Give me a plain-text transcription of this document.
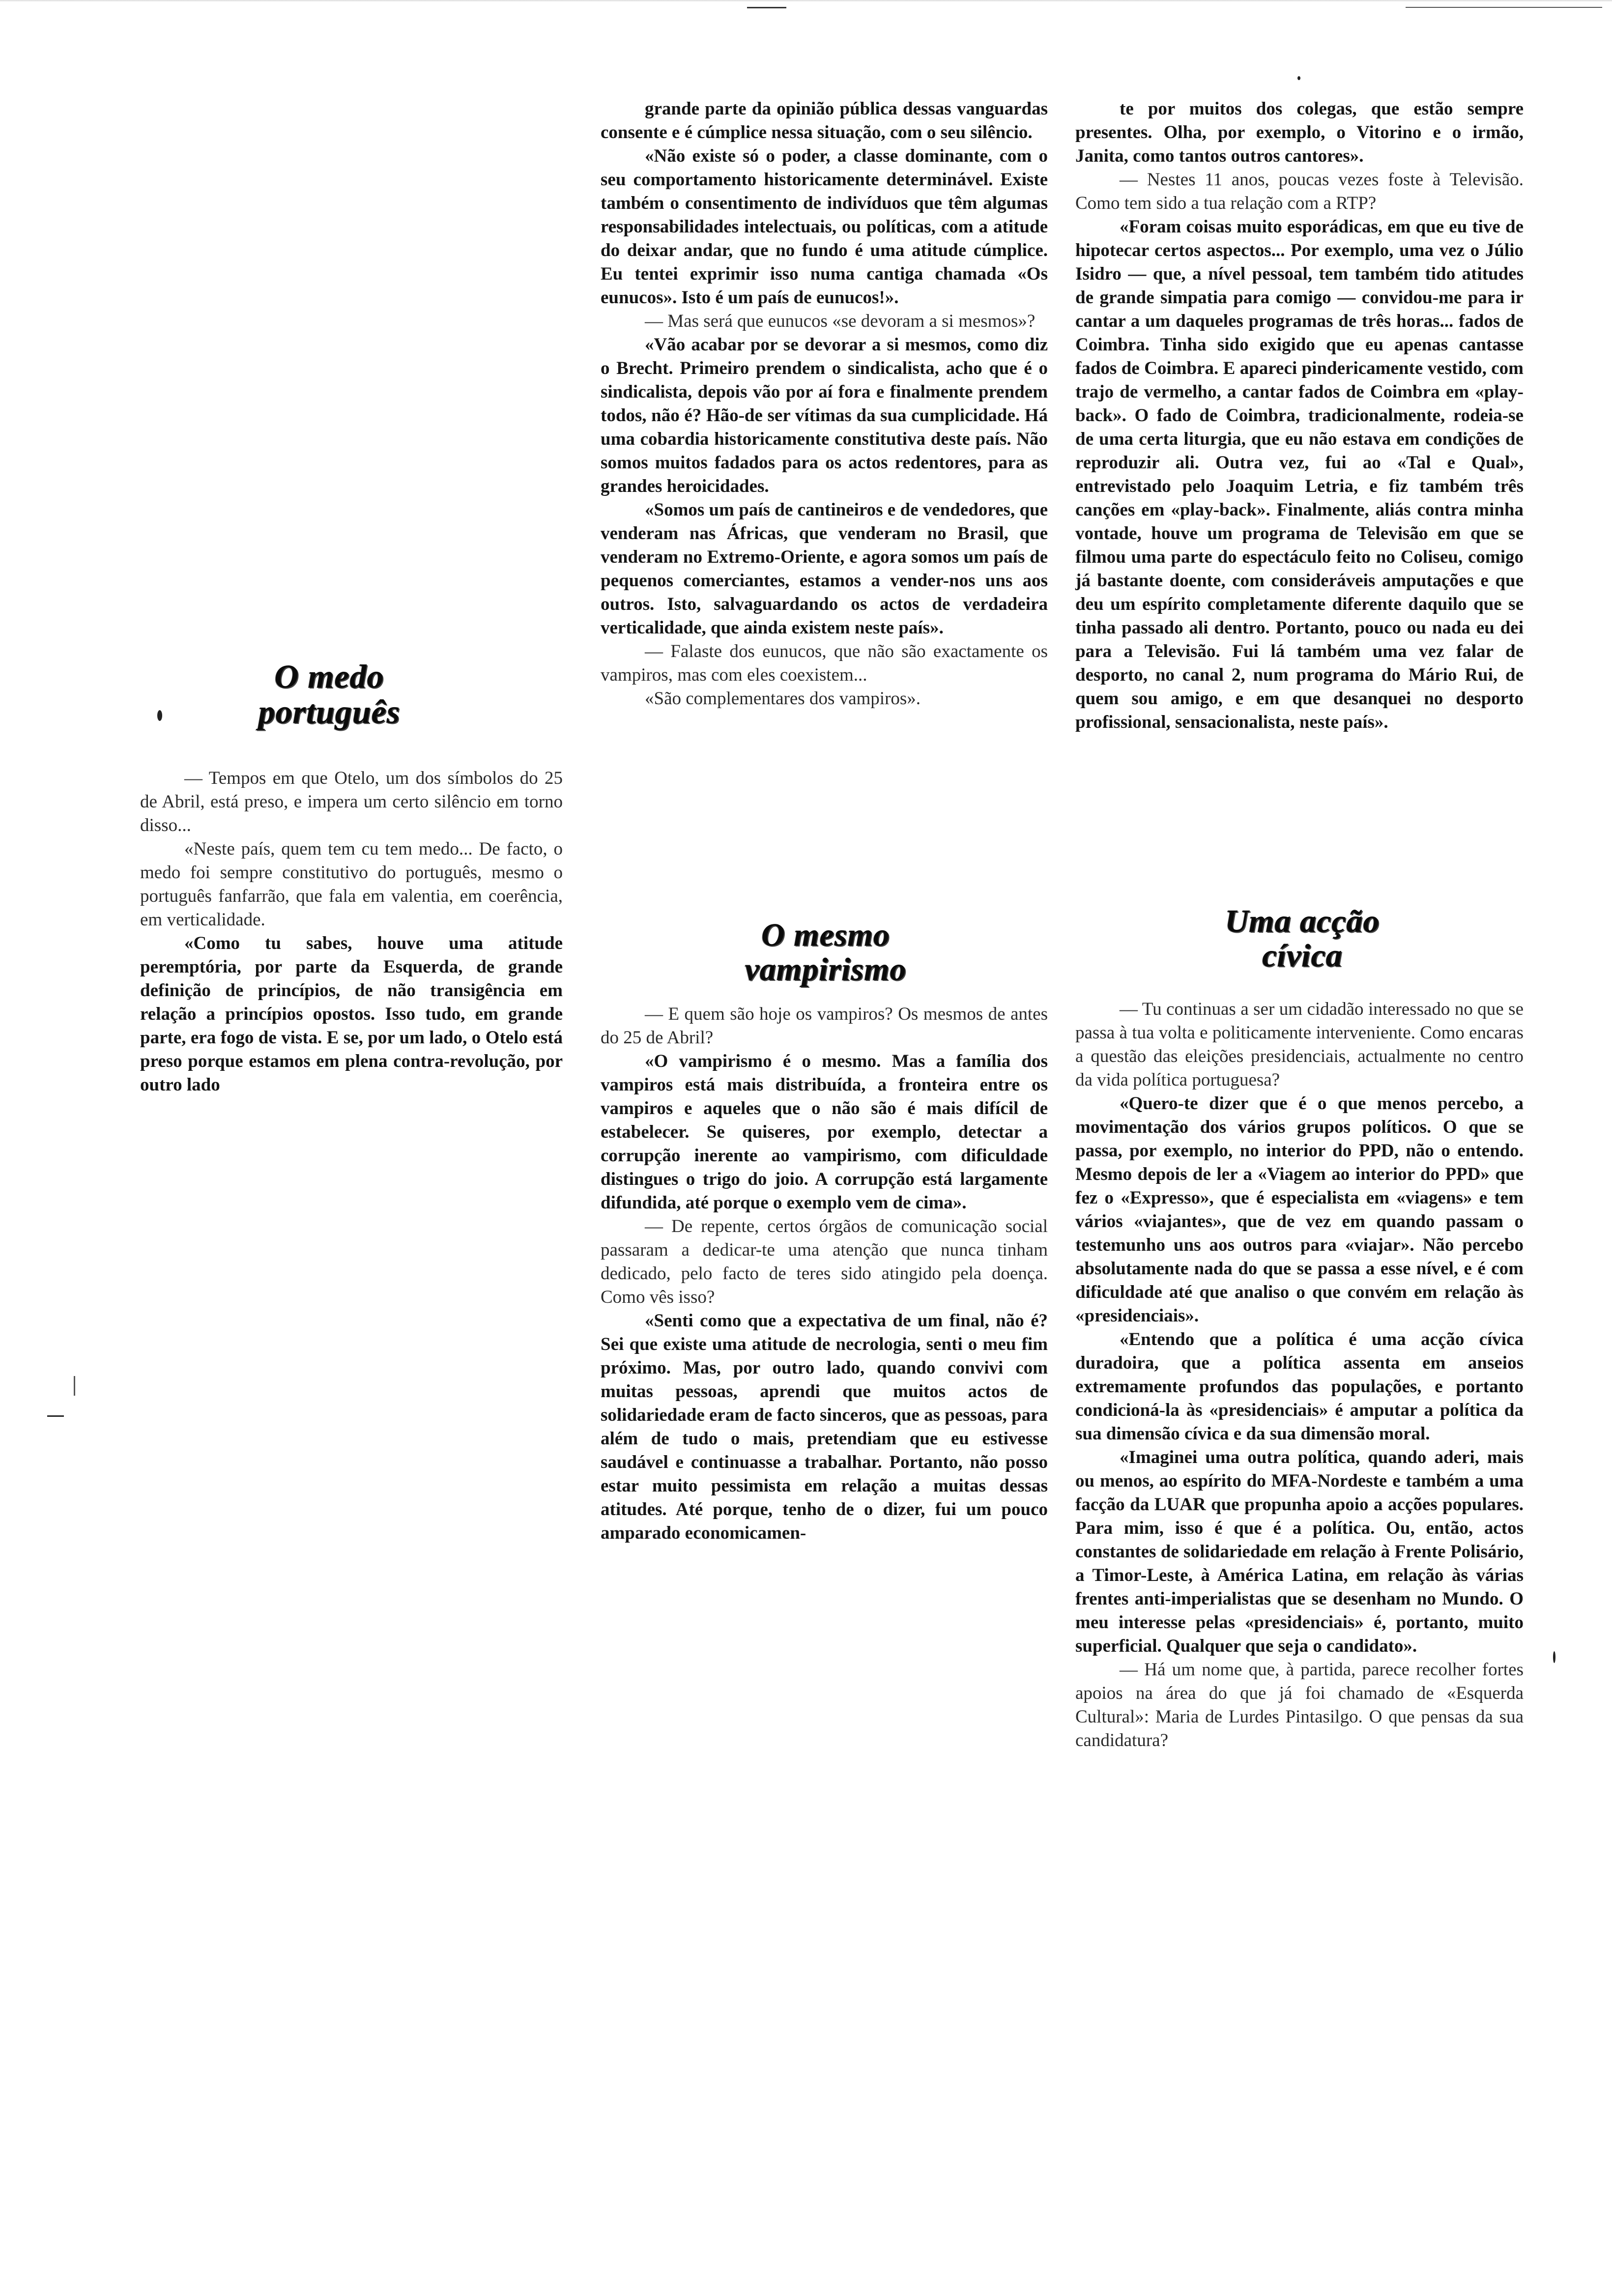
O medo português

— Tempos em que Otelo, um dos símbolos do 25 de Abril, está preso, e impera um certo silêncio em torno disso...

«Neste país, quem tem cu tem medo... De facto, o medo foi sempre constitutivo do português, mesmo o português fanfarrão, que fala em valentia, em coerência, em verticalidade.

«Como tu sabes, houve uma atitude peremptória, por parte da Esquerda, de grande definição de princípios, de não transigência em relação a princípios opostos. Isso tudo, em grande parte, era fogo de vista. E se, por um lado, o Otelo está preso porque estamos em plena contra-revolução, por outro lado

grande parte da opinião pública dessas vanguardas consente e é cúmplice nessa situação, com o seu silêncio.

«Não existe só o poder, a classe dominante, com o seu comportamento historicamente determinável. Existe também o consentimento de indivíduos que têm algumas responsabilidades intelectuais, ou políticas, com a atitude do deixar andar, que no fundo é uma atitude cúmplice. Eu tentei exprimir isso numa cantiga chamada «Os eunucos». Isto é um país de eunucos!».

— Mas será que eunucos «se devoram a si mesmos»?

«Vão acabar por se devorar a si mesmos, como diz o Brecht. Primeiro prendem o sindicalista, acho que é o sindicalista, depois vão por aí fora e finalmente prendem todos, não é? Hão-de ser vítimas da sua cumplicidade. Há uma cobardia historicamente constitutiva deste país. Não somos muitos fadados para os actos redentores, para as grandes heroicidades.

«Somos um país de cantineiros e de vendedores, que venderam nas Áfricas, que venderam no Brasil, que venderam no Extremo-Oriente, e agora somos um país de pequenos comerciantes, estamos a vender-nos uns aos outros. Isto, salvaguardando os actos de verdadeira verticalidade, que ainda existem neste país».

— Falaste dos eunucos, que não são exactamente os vampiros, mas com eles coexistem...

«São complementares dos vampiros».

O mesmo vampirismo

— E quem são hoje os vampiros? Os mesmos de antes do 25 de Abril?

«O vampirismo é o mesmo. Mas a família dos vampiros está mais distribuída, a fronteira entre os vampiros e aqueles que o não são é mais difícil de estabelecer. Se quiseres, por exemplo, detectar a corrupção inerente ao vampirismo, com dificuldade distingues o trigo do joio. A corrupção está largamente difundida, até porque o exemplo vem de cima».

— De repente, certos órgãos de comunicação social passaram a dedicar-te uma atenção que nunca tinham dedicado, pelo facto de teres sido atingido pela doença. Como vês isso?

«Senti como que a expectativa de um final, não é? Sei que existe uma atitude de necrologia, senti o meu fim próximo. Mas, por outro lado, quando convivi com muitas pessoas, aprendi que muitos actos de solidariedade eram de facto sinceros, que as pessoas, para além de tudo o mais, pretendiam que eu estivesse saudável e continuasse a trabalhar. Portanto, não posso estar muito pessimista em relação a muitas dessas atitudes. Até porque, tenho de o dizer, fui um pouco amparado economicamen-

te por muitos dos colegas, que estão sempre presentes. Olha, por exemplo, o Vitorino e o irmão, Janita, como tantos outros cantores».

— Nestes 11 anos, poucas vezes foste à Televisão. Como tem sido a tua relação com a RTP?

«Foram coisas muito esporádicas, em que eu tive de hipotecar certos aspectos... Por exemplo, uma vez o Júlio Isidro — que, a nível pessoal, tem também tido atitudes de grande simpatia para comigo — convidou-me para ir cantar a um daqueles programas de três horas... fados de Coimbra. Tinha sido exigido que eu apenas cantasse fados de Coimbra. E apareci pindericamente vestido, com trajo de vermelho, a cantar fados de Coimbra em «play-back». O fado de Coimbra, tradicionalmente, rodeia-se de uma certa liturgia, que eu não estava em condições de reproduzir ali. Outra vez, fui ao «Tal e Qual», entrevistado pelo Joaquim Letria, e fiz também três canções em «play-back». Finalmente, aliás contra minha vontade, houve um programa de Televisão em que se filmou uma parte do espectáculo feito no Coliseu, comigo já bastante doente, com consideráveis amputações e que deu um espírito completamente diferente daquilo que se tinha passado ali dentro. Portanto, pouco ou nada eu dei para a Televisão. Fui lá também uma vez falar de desporto, no canal 2, num programa do Mário Rui, de quem sou amigo, e em que desanquei no desporto profissional, sensacionalista, neste país».

Uma acção cívica

— Tu continuas a ser um cidadão interessado no que se passa à tua volta e politicamente interveniente. Como encaras a questão das eleições presidenciais, actualmente no centro da vida política portuguesa?

«Quero-te dizer que é o que menos percebo, a movimentação dos vários grupos políticos. O que se passa, por exemplo, no interior do PPD, não o entendo. Mesmo depois de ler a «Viagem ao interior do PPD» que fez o «Expresso», que é especialista em «viagens» e tem vários «viajantes», que de vez em quando passam o testemunho uns aos outros para «viajar». Não percebo absolutamente nada do que se passa a esse nível, e é com dificuldade até que analiso o que convém em relação às «presidenciais».

«Entendo que a política é uma acção cívica duradoira, que a política assenta em anseios extremamente profundos das populações, e portanto condicioná-la às «presidenciais» é amputar a política da sua dimensão cívica e da sua dimensão moral.

«Imaginei uma outra política, quando aderi, mais ou menos, ao espírito do MFA-Nordeste e também a uma facção da LUAR que propunha apoio a acções populares. Para mim, isso é que é a política. Ou, então, actos constantes de solidariedade em relação à Frente Polisário, a Timor-Leste, à América Latina, em relação às várias frentes anti-imperialistas que se desenham no Mundo. O meu interesse pelas «presidenciais» é, portanto, muito superficial. Qualquer que seja o candidato».

— Há um nome que, à partida, parece recolher fortes apoios na área do que já foi chamado de «Esquerda Cultural»: Maria de Lurdes Pintasilgo. O que pensas da sua candidatura?
